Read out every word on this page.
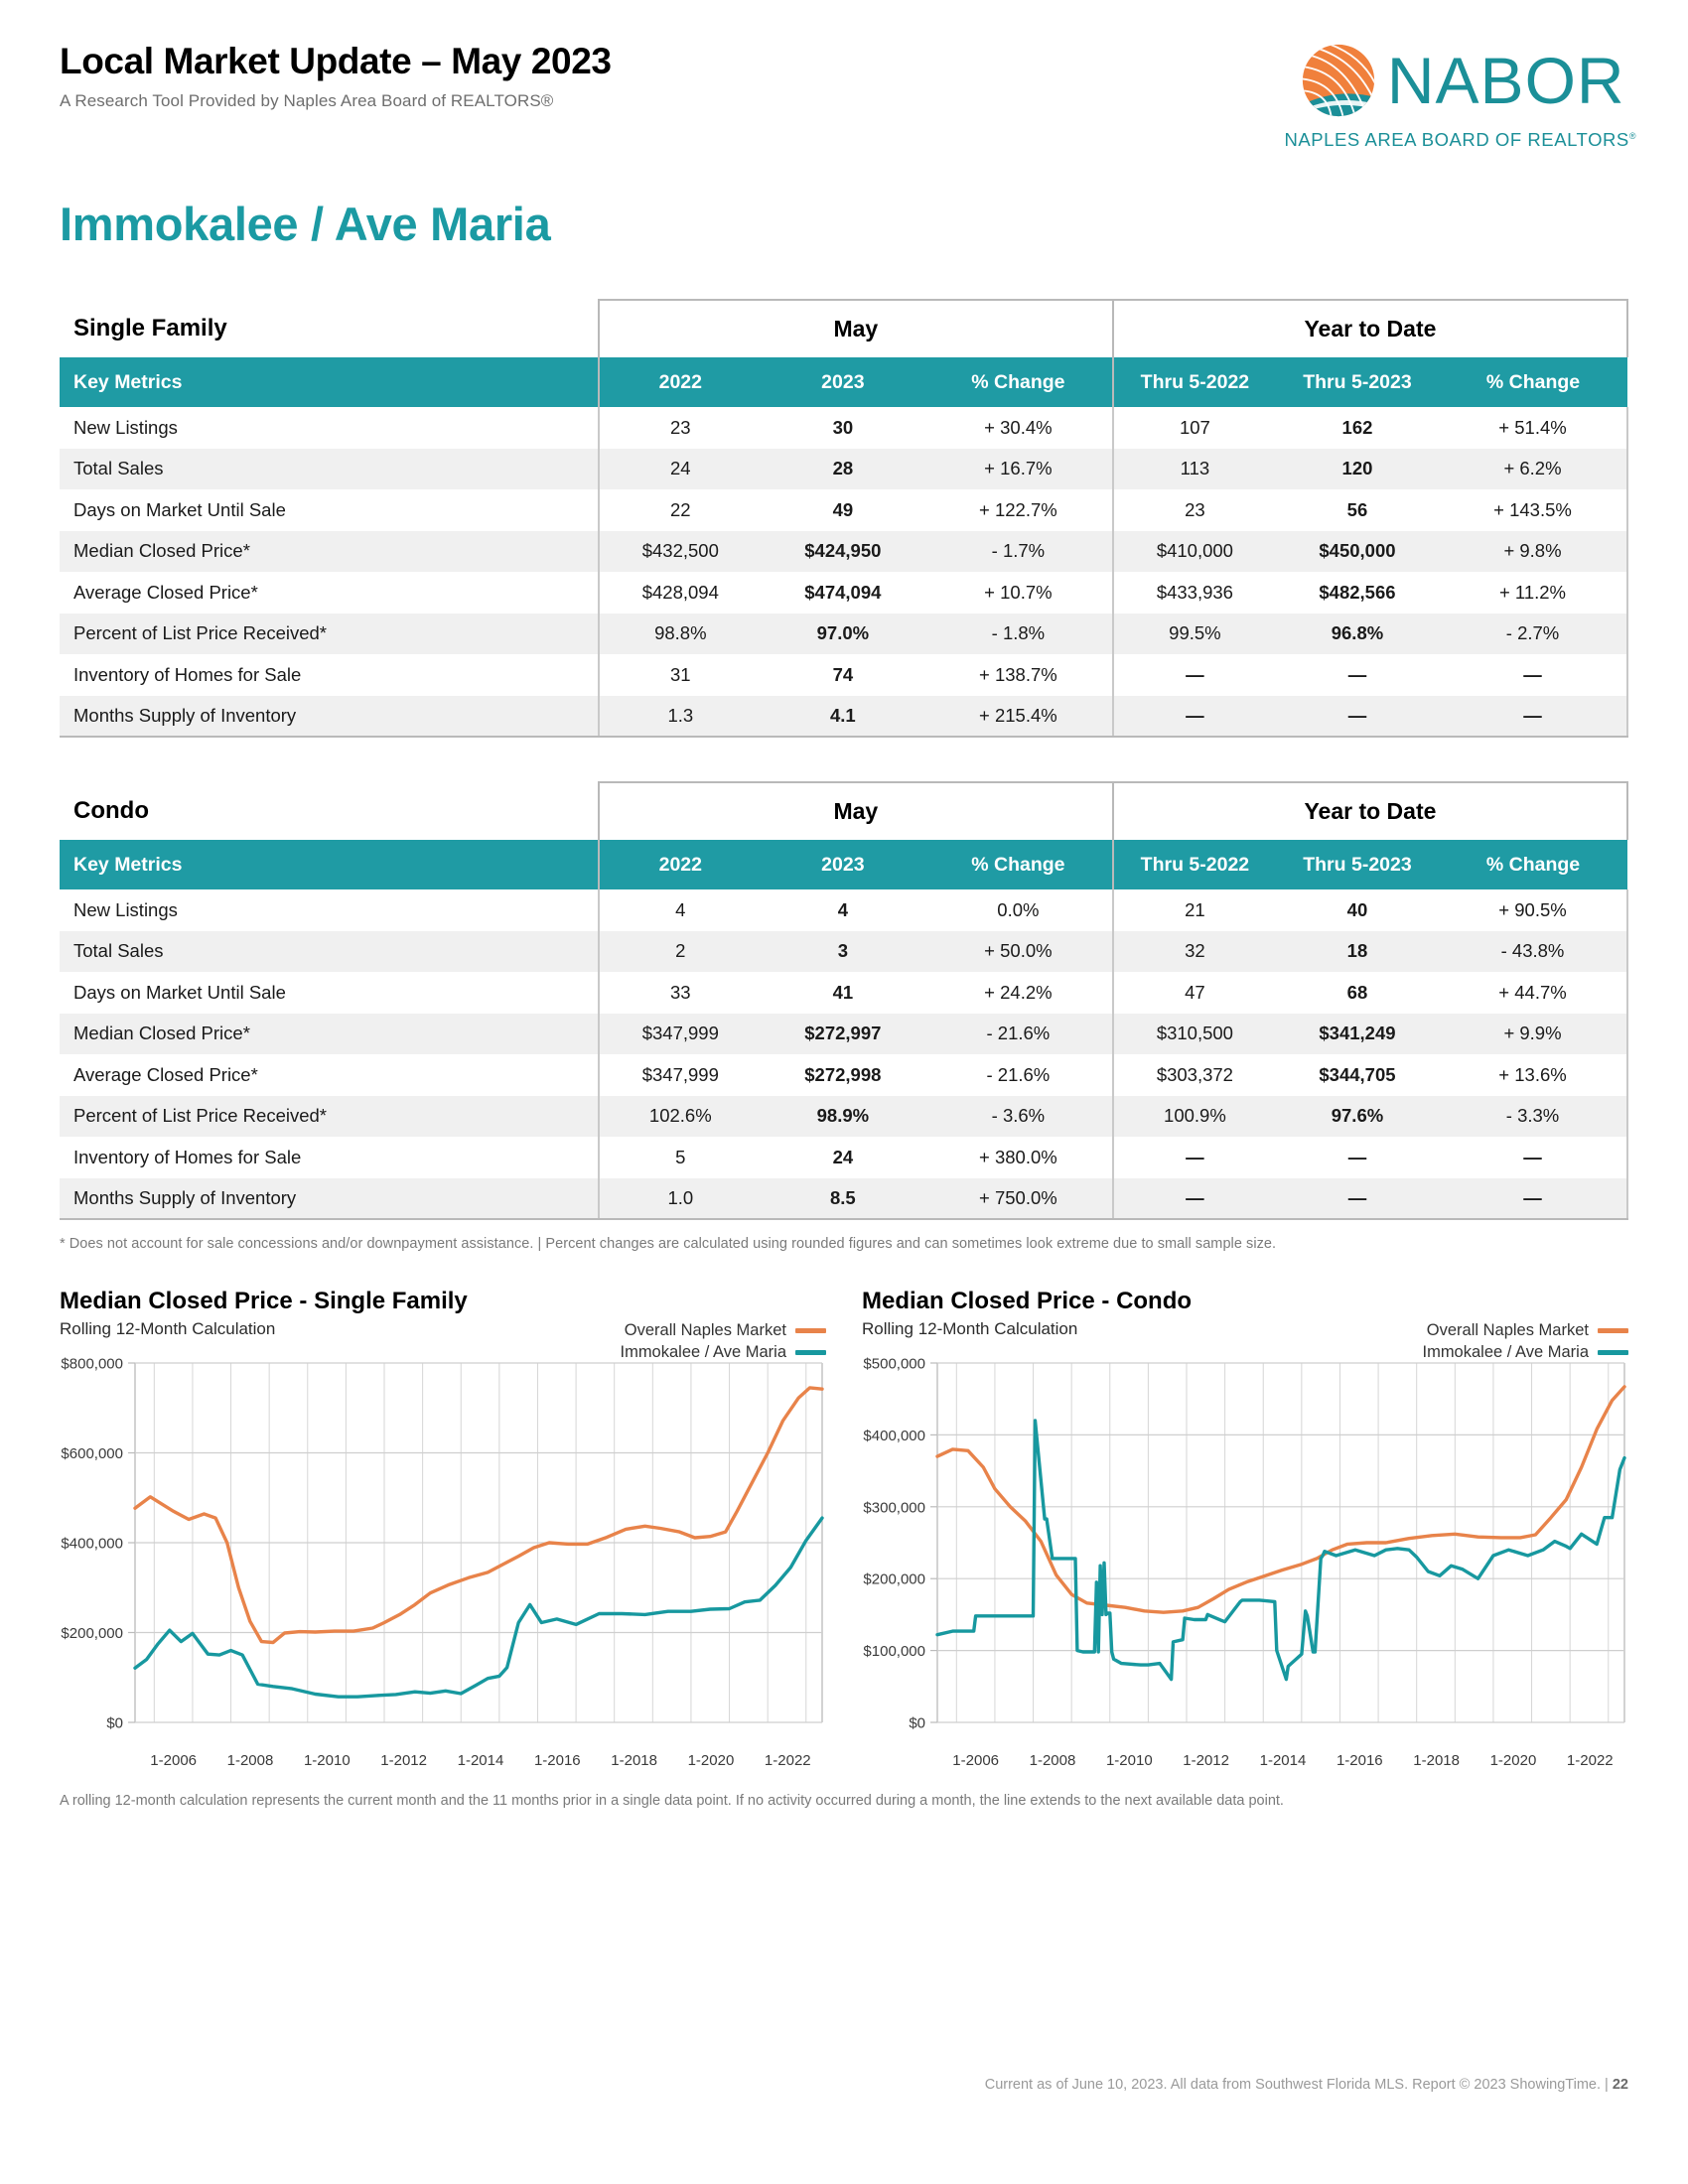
Local Market Update – May 2023
A Research Tool Provided by Naples Area Board of REALTORS®	NABOR
NAPLES AREA BOARD OF REALTORS®
Immokalee / Ave Maria
Single Family	May			Year to Date		
Key Metrics	2022	2023	% Change	Thru 5-2022	Thru 5-2023	% Change
New Listings	23	30	+ 30.4%	107	162	+ 51.4%
Total Sales	24	28	+ 16.7%	113	120	+ 6.2%
Days on Market Until Sale	22	49	+ 122.7%	23	56	+ 143.5%
Median Closed Price*	$432,500	$424,950	- 1.7%	$410,000	$450,000	+ 9.8%
Average Closed Price*	$428,094	$474,094	+ 10.7%	$433,936	$482,566	+ 11.2%
Percent of List Price Received*	98.8%	97.0%	- 1.8%	99.5%	96.8%	- 2.7%
Inventory of Homes for Sale	31	74	+ 138.7%	—	—	—
Months Supply of Inventory	1.3	4.1	+ 215.4%	—	—	—
Condo	May			Year to Date		
Key Metrics	2022	2023	% Change	Thru 5-2022	Thru 5-2023	% Change
New Listings	4	4	0.0%	21	40	+ 90.5%
Total Sales	2	3	+ 50.0%	32	18	- 43.8%
Days on Market Until Sale	33	41	+ 24.2%	47	68	+ 44.7%
Median Closed Price*	$347,999	$272,997	- 21.6%	$310,500	$341,249	+ 9.9%
Average Closed Price*	$347,999	$272,998	- 21.6%	$303,372	$344,705	+ 13.6%
Percent of List Price Received*	102.6%	98.9%	- 3.6%	100.9%	97.6%	- 3.3%
Inventory of Homes for Sale	5	24	+ 380.0%	—	—	—
Months Supply of Inventory	1.0	8.5	+ 750.0%	—	—	—
* Does not account for sale concessions and/or downpayment assistance. | Percent changes are calculated using rounded figures and can sometimes look extreme due to small sample size.
Median Closed Price - Single Family
Rolling 12-Month Calculation	Overall Naples Market
Immokalee / Ave Maria
$0
$200,000
$400,000
$600,000
$800,000
1-2006	1-2008	1-2010	1-2012	1-2014	1-2016	1-2018	1-2020	1-2022
Median Closed Price - Condo
Rolling 12-Month Calculation	Overall Naples Market
Immokalee / Ave Maria
$0
$100,000
$200,000
$300,000
$400,000
$500,000
1-2006	1-2008	1-2010	1-2012	1-2014	1-2016	1-2018	1-2020	1-2022
A rolling 12-month calculation represents the current month and the 11 months prior in a single data point. If no activity occurred during a month, the line extends to the next available data point.
Current as of June 10, 2023. All data from Southwest Florida MLS. Report © 2023 ShowingTime. | 22
